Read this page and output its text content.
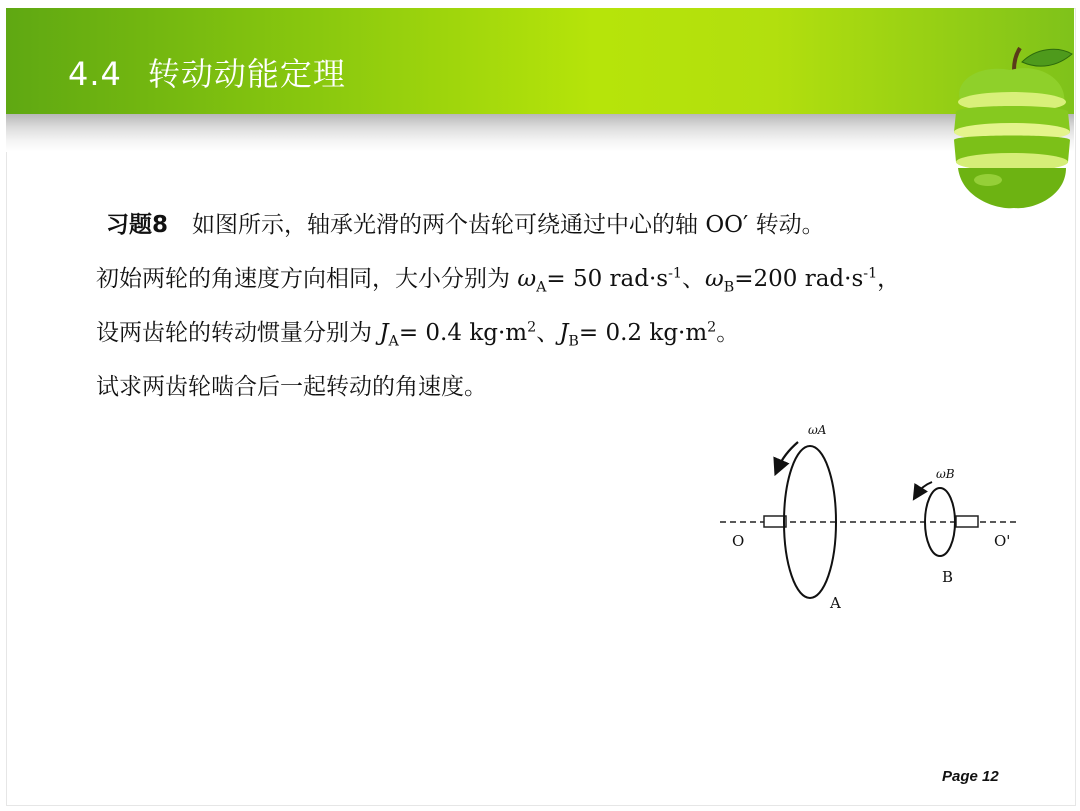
4.4 转动动能定理
习题8 如图所示，轴承光滑的两个齿轮可绕通过中心的轴 OO′ 转动。
初始两轮的角速度方向相同，大小分别为 $\omega_A= 50$ $rad\cdot s^{-1}$、$\omega_B=200$ $rad\cdot s^{-1}$，
设两齿轮的转动惯量分别为 $J_A= 0.4$ $kg\cdot m^2$、$J_B= 0.2$ $kg\cdot m^2$。
试求两齿轮啮合后一起转动的角速度。
ωA
ωB
O	O'
A
B
Page 12
